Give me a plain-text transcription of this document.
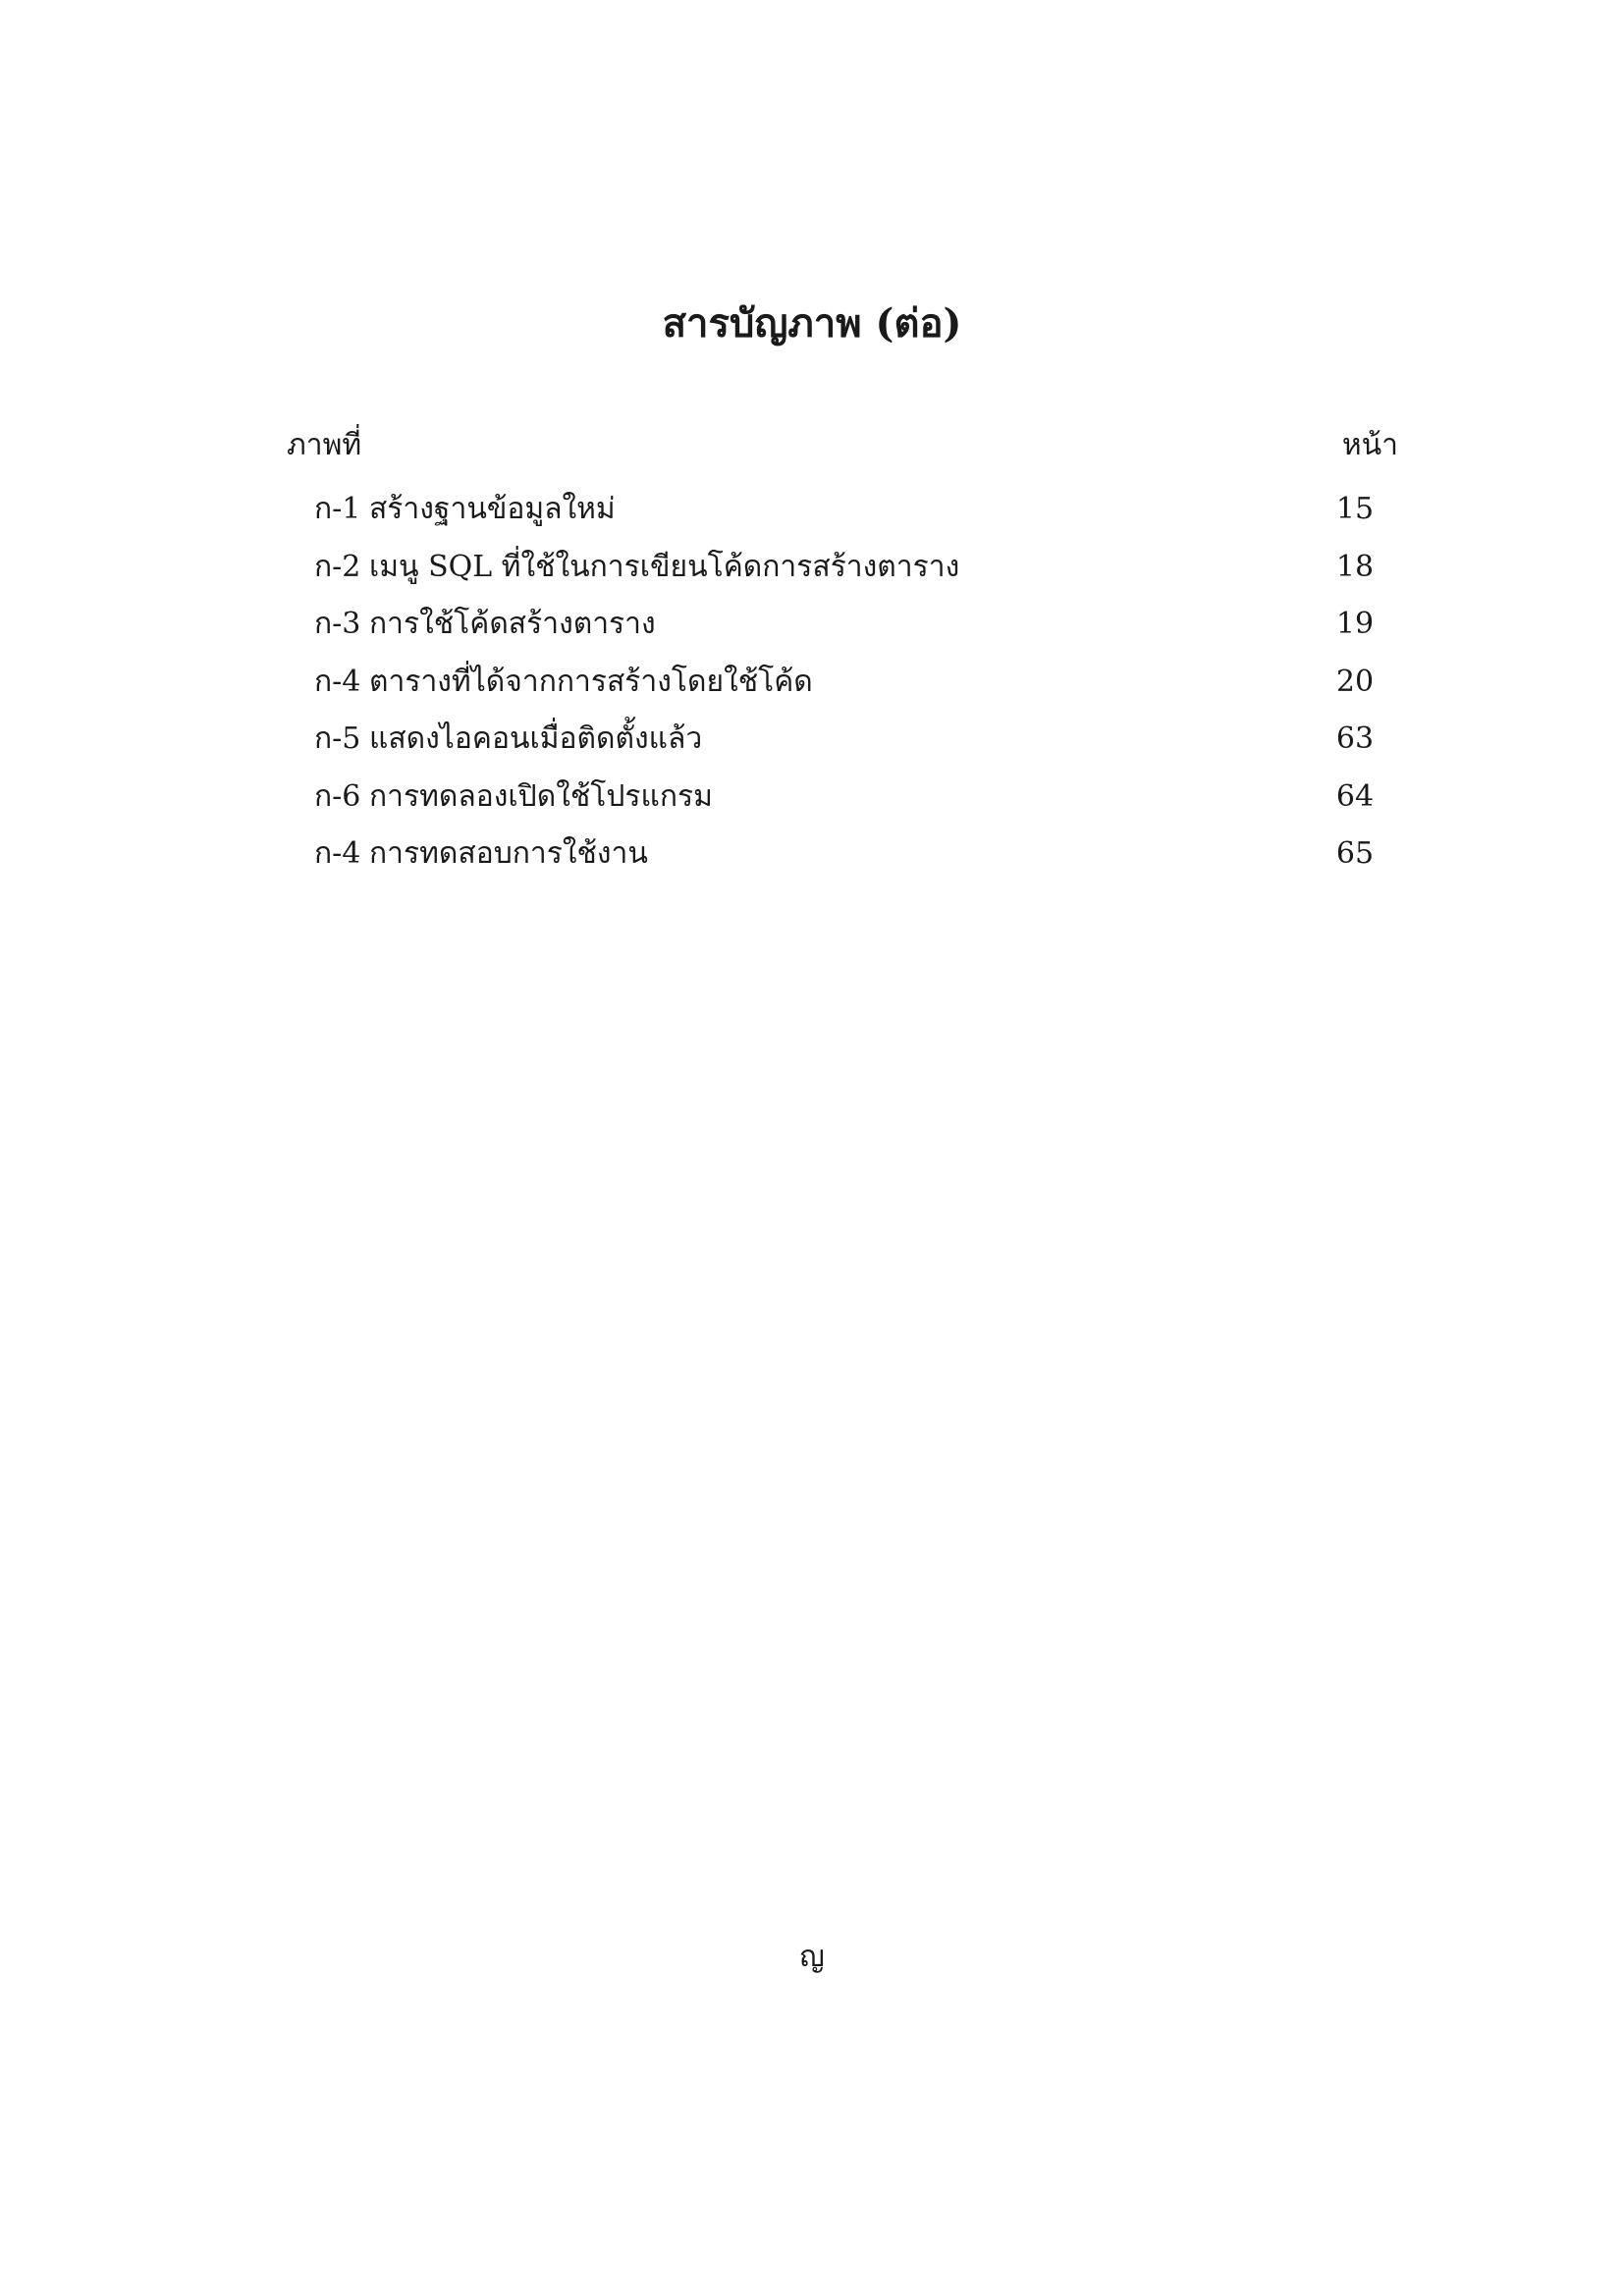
สารบัญภาพ (ต่อ)
ภาพที่	หน้า
ก-1 สร้างฐานข้อมูลใหม่	15
ก-2 เมนู SQL ที่ใช้ในการเขียนโค้ดการสร้างตาราง	18
ก-3 การใช้โค้ดสร้างตาราง	19
ก-4 ตารางที่ได้จากการสร้างโดยใช้โค้ด	20
ก-5 แสดงไอคอนเมื่อติดตั้งแล้ว	63
ก-6 การทดลองเปิดใช้โปรแกรม	64
ก-4 การทดสอบการใช้งาน	65
ญ
